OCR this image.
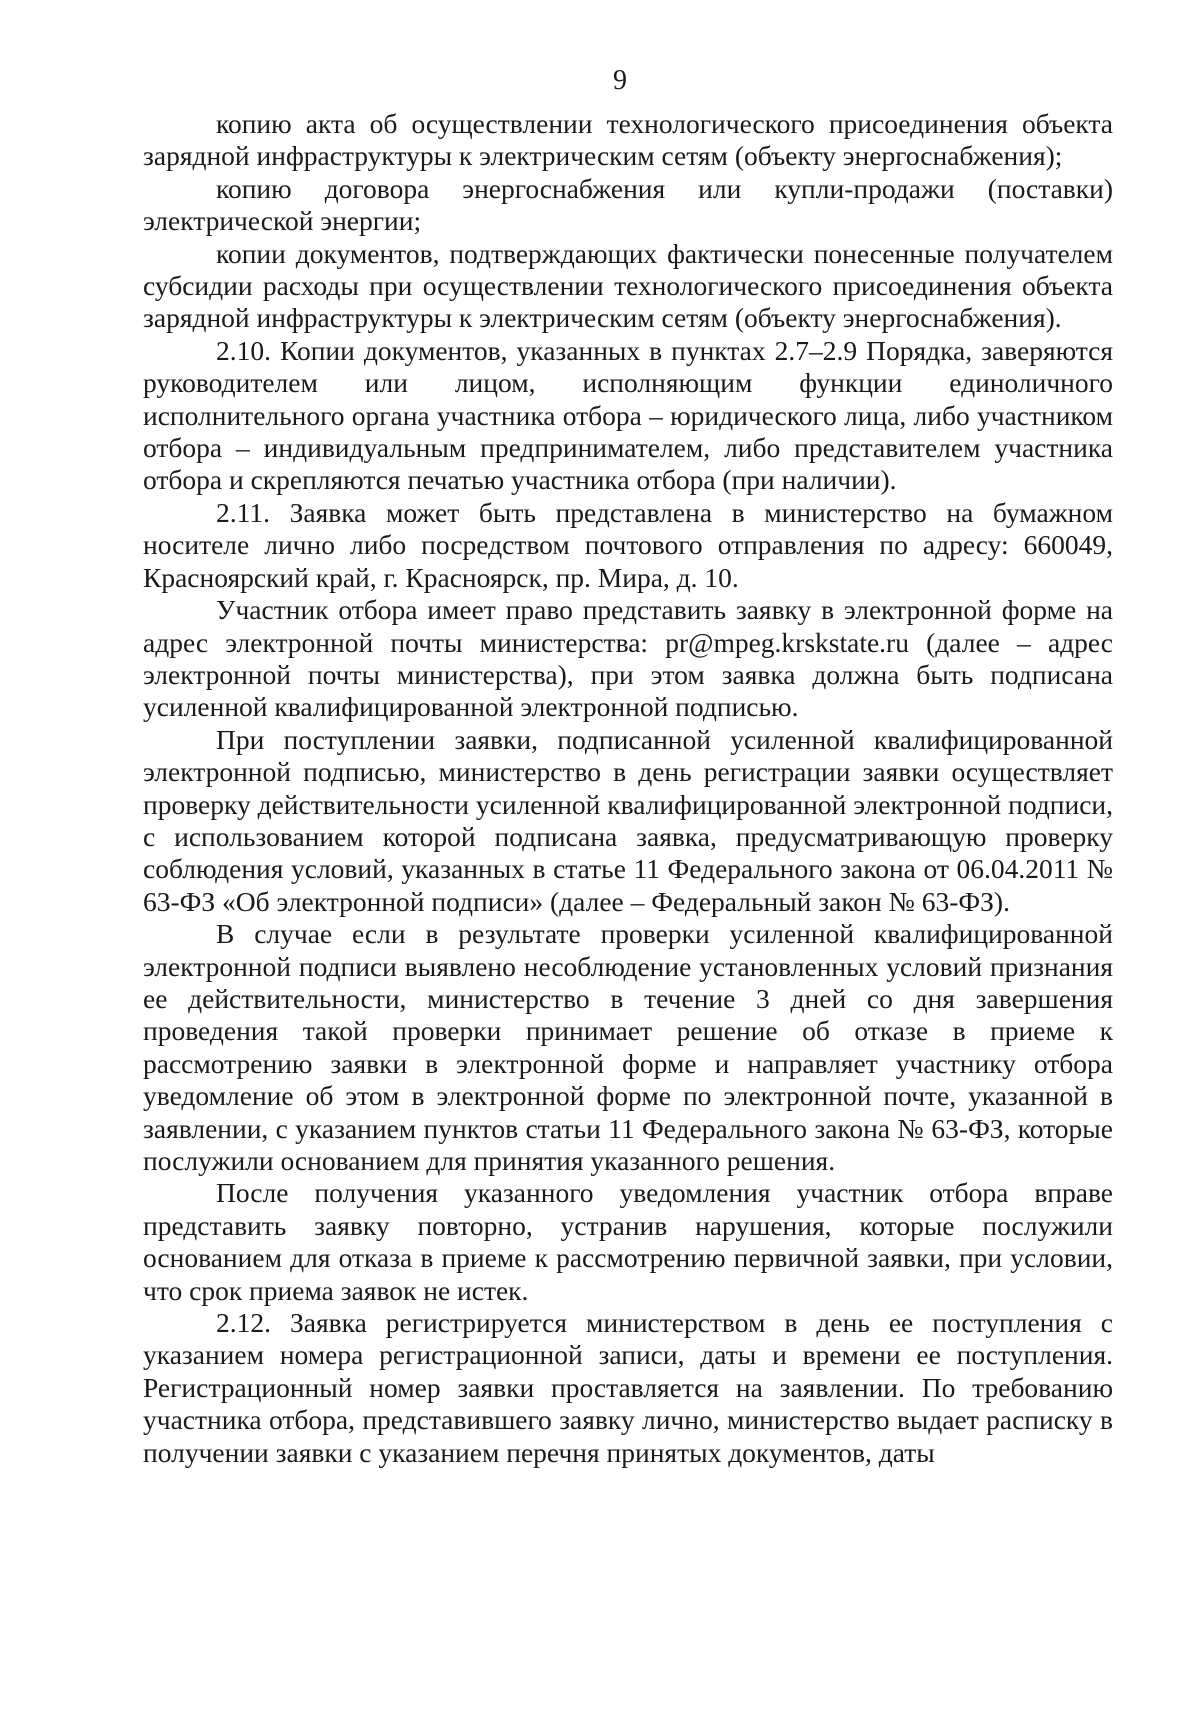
9

копию акта об осуществлении технологического присоединения объекта зарядной инфраструктуры к электрическим сетям (объекту энергоснабжения);

копию договора энергоснабжения или купли-продажи (поставки) электрической энергии;

копии документов, подтверждающих фактически понесенные получателем субсидии расходы при осуществлении технологического присоединения объекта зарядной инфраструктуры к электрическим сетям (объекту энергоснабжения).

2.10. Копии документов, указанных в пунктах 2.7–2.9 Порядка, заверяются руководителем или лицом, исполняющим функции единоличного исполнительного органа участника отбора – юридического лица, либо участником отбора – индивидуальным предпринимателем, либо представителем участника отбора и скрепляются печатью участника отбора (при наличии).

2.11. Заявка может быть представлена в министерство на бумажном носителе лично либо посредством почтового отправления по адресу: 660049, Красноярский край, г. Красноярск, пр. Мира, д. 10.

Участник отбора имеет право представить заявку в электронной форме на адрес электронной почты министерства: pr@mpeg.krskstate.ru (далее – адрес электронной почты министерства), при этом заявка должна быть подписана усиленной квалифицированной электронной подписью.

При поступлении заявки, подписанной усиленной квалифицированной электронной подписью, министерство в день регистрации заявки осуществляет проверку действительности усиленной квалифицированной электронной подписи, с использованием которой подписана заявка, предусматривающую проверку соблюдения условий, указанных в статье 11 Федерального закона от 06.04.2011 № 63-ФЗ «Об электронной подписи» (далее – Федеральный закон № 63-ФЗ).

В случае если в результате проверки усиленной квалифицированной электронной подписи выявлено несоблюдение установленных условий признания ее действительности, министерство в течение 3 дней со дня завершения проведения такой проверки принимает решение об отказе в приеме к рассмотрению заявки в электронной форме и направляет участнику отбора уведомление об этом в электронной форме по электронной почте, указанной в заявлении, с указанием пунктов статьи 11 Федерального закона № 63-ФЗ, которые послужили основанием для принятия указанного решения.

После получения указанного уведомления участник отбора вправе представить заявку повторно, устранив нарушения, которые послужили основанием для отказа в приеме к рассмотрению первичной заявки, при условии, что срок приема заявок не истек.

2.12. Заявка регистрируется министерством в день ее поступления с указанием номера регистрационной записи, даты и времени ее поступления. Регистрационный номер заявки проставляется на заявлении. По требованию участника отбора, представившего заявку лично, министерство выдает расписку в получении заявки с указанием перечня принятых документов, даты
